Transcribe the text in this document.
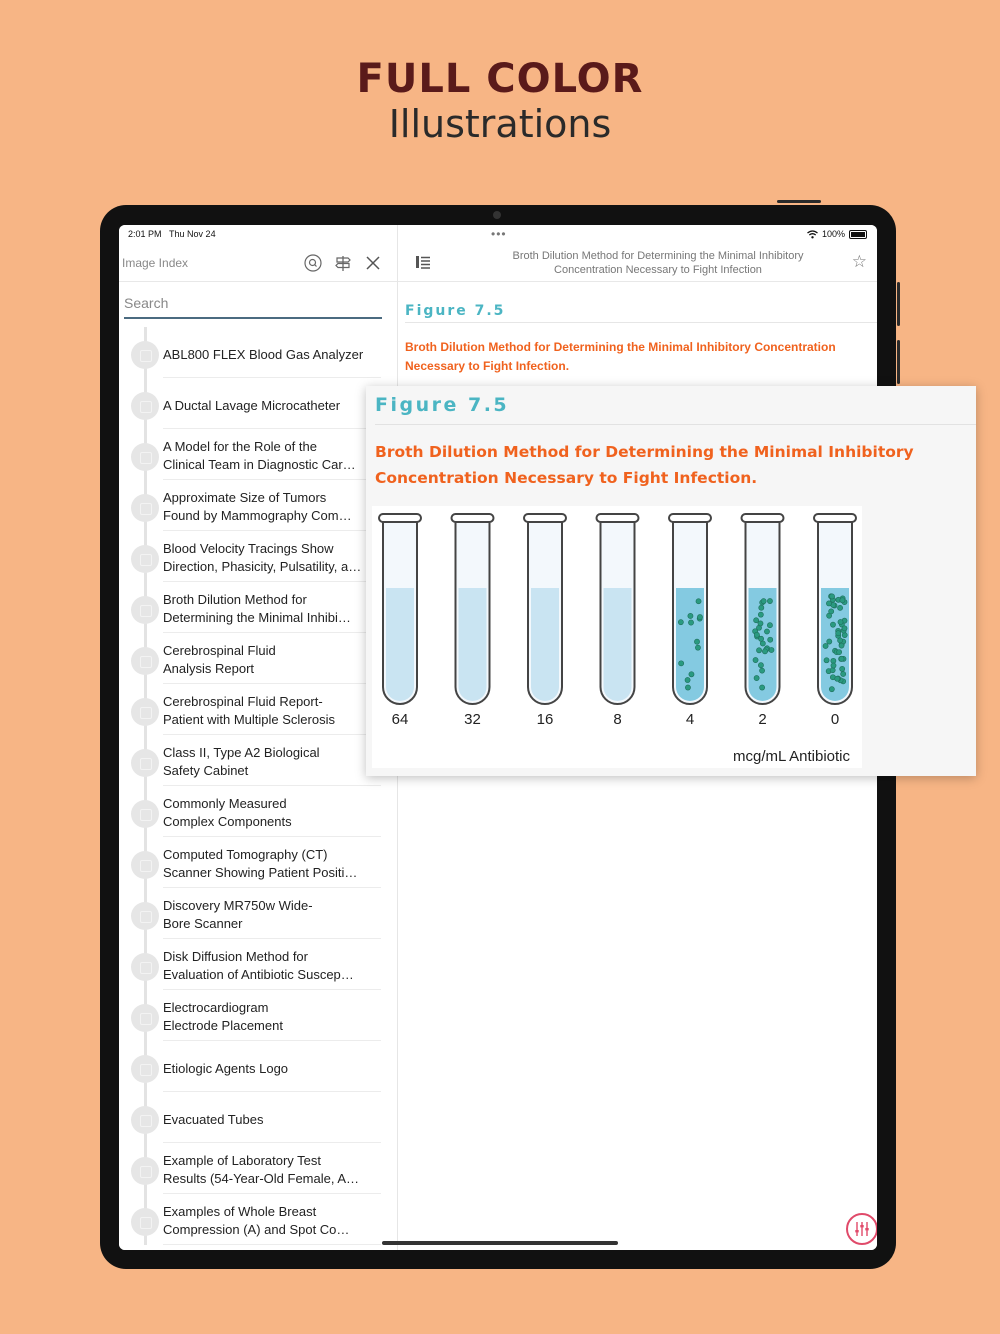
FULL COLOR
Illustrations
Image Index
Search
ABL800 FLEX Blood Gas Analyzer
A Ductal Lavage Microcatheter
A Model for the Role of the
Clinical Team in Diagnostic Car…
Approximate Size of Tumors
Found by Mammography Com…
Blood Velocity Tracings Show
Direction, Phasicity, Pulsatility, a…
Broth Dilution Method for
Determining the Minimal Inhibi…
Cerebrospinal Fluid
Analysis Report
Cerebrospinal Fluid Report-
Patient with Multiple Sclerosis
Class II, Type A2 Biological
Safety Cabinet
Commonly Measured
Complex Components
Computed Tomography (CT)
Scanner Showing Patient Positi…
Discovery MR750w Wide-
Bore Scanner
Disk Diffusion Method for
Evaluation of Antibiotic Suscep…
Electrocardiogram
Electrode Placement
Etiologic Agents Logo
Evacuated Tubes
Example of Laboratory Test
Results (54-Year-Old Female, A…
Examples of Whole Breast
Compression (A) and Spot Co…
2:01 PM Thu Nov 24	•••	100%
Broth Dilution Method for Determining the Minimal Inhibitory
Concentration Necessary to Fight Infection	☆
Figure 7.5
Broth Dilution Method for Determining the Minimal Inhibitory Concentration Necessary to Fight Infection.
Figure 7.5
Broth Dilution Method for Determining the Minimal Inhibitory Concentration Necessary to Fight Infection.
64	32	16	8	4	2	0
mcg/mL Antibiotic
